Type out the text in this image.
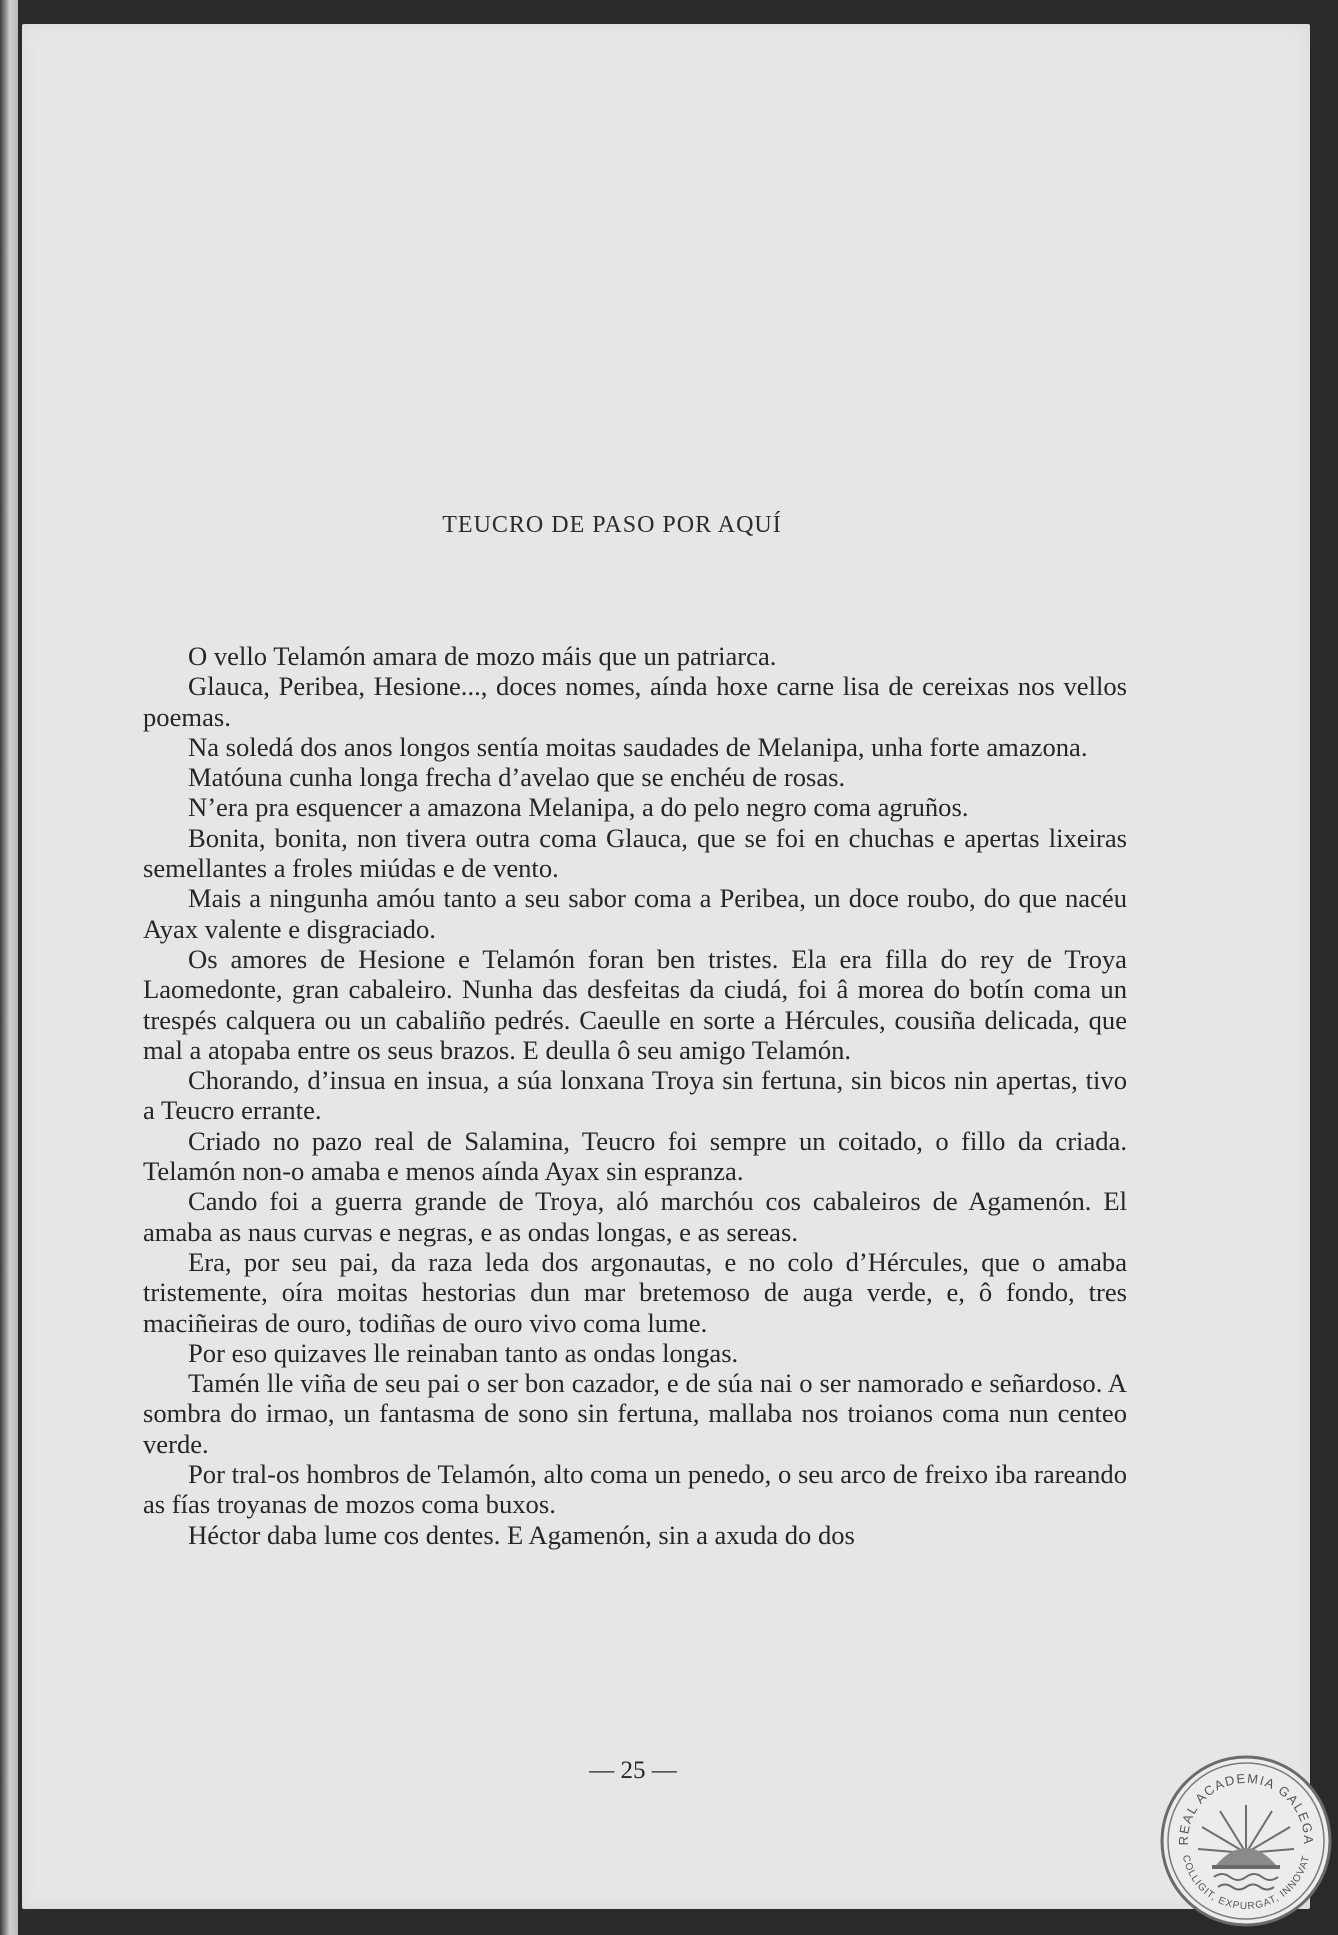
TEUCRO DE PASO POR AQUÍ

O vello Telamón amara de mozo máis que un patriarca.

Glauca, Peribea, Hesione..., doces nomes, aínda hoxe carne lisa de cereixas nos vellos poemas.

Na soledá dos anos longos sentía moitas saudades de Melanipa, unha forte amazona.

Matóuna cunha longa frecha d’avelao que se enchéu de rosas.

N’era pra esquencer a amazona Melanipa, a do pelo negro coma agruños.

Bonita, bonita, non tivera outra coma Glauca, que se foi en chuchas e apertas lixeiras semellantes a froles miúdas e de vento.

Mais a ningunha amóu tanto a seu sabor coma a Peribea, un doce roubo, do que nacéu Ayax valente e disgraciado.

Os amores de Hesione e Telamón foran ben tristes. Ela era filla do rey de Troya Laomedonte, gran cabaleiro. Nunha das desfeitas da ciudá, foi â morea do botín coma un trespés calquera ou un cabaliño pedrés. Caeulle en sorte a Hércules, cousiña delicada, que mal a atopaba entre os seus brazos. E deulla ô seu amigo Telamón.

Chorando, d’insua en insua, a súa lonxana Troya sin fertuna, sin bicos nin apertas, tivo a Teucro errante.

Criado no pazo real de Salamina, Teucro foi sempre un coitado, o fillo da criada. Telamón non-o amaba e menos aínda Ayax sin espranza.

Cando foi a guerra grande de Troya, aló marchóu cos cabaleiros de Agamenón. El amaba as naus curvas e negras, e as ondas longas, e as sereas.

Era, por seu pai, da raza leda dos argonautas, e no colo d’Hércules, que o amaba tristemente, oíra moitas hestorias dun mar bretemoso de auga verde, e, ô fondo, tres maciñeiras de ouro, todiñas de ouro vivo coma lume.

Por eso quizaves lle reinaban tanto as ondas longas.

Tamén lle viña de seu pai o ser bon cazador, e de súa nai o ser namorado e señardoso. A sombra do irmao, un fantasma de sono sin fertuna, mallaba nos troianos coma nun centeo verde.

Por tral-os hombros de Telamón, alto coma un penedo, o seu arco de freixo iba rareando as fías troyanas de mozos coma buxos.

Héctor daba lume cos dentes. E Agamenón, sin a axuda do dos

— 25 —
REAL ACADEMIA GALEGA
COLLIGIT, EXPURGAT, INNOVAT
